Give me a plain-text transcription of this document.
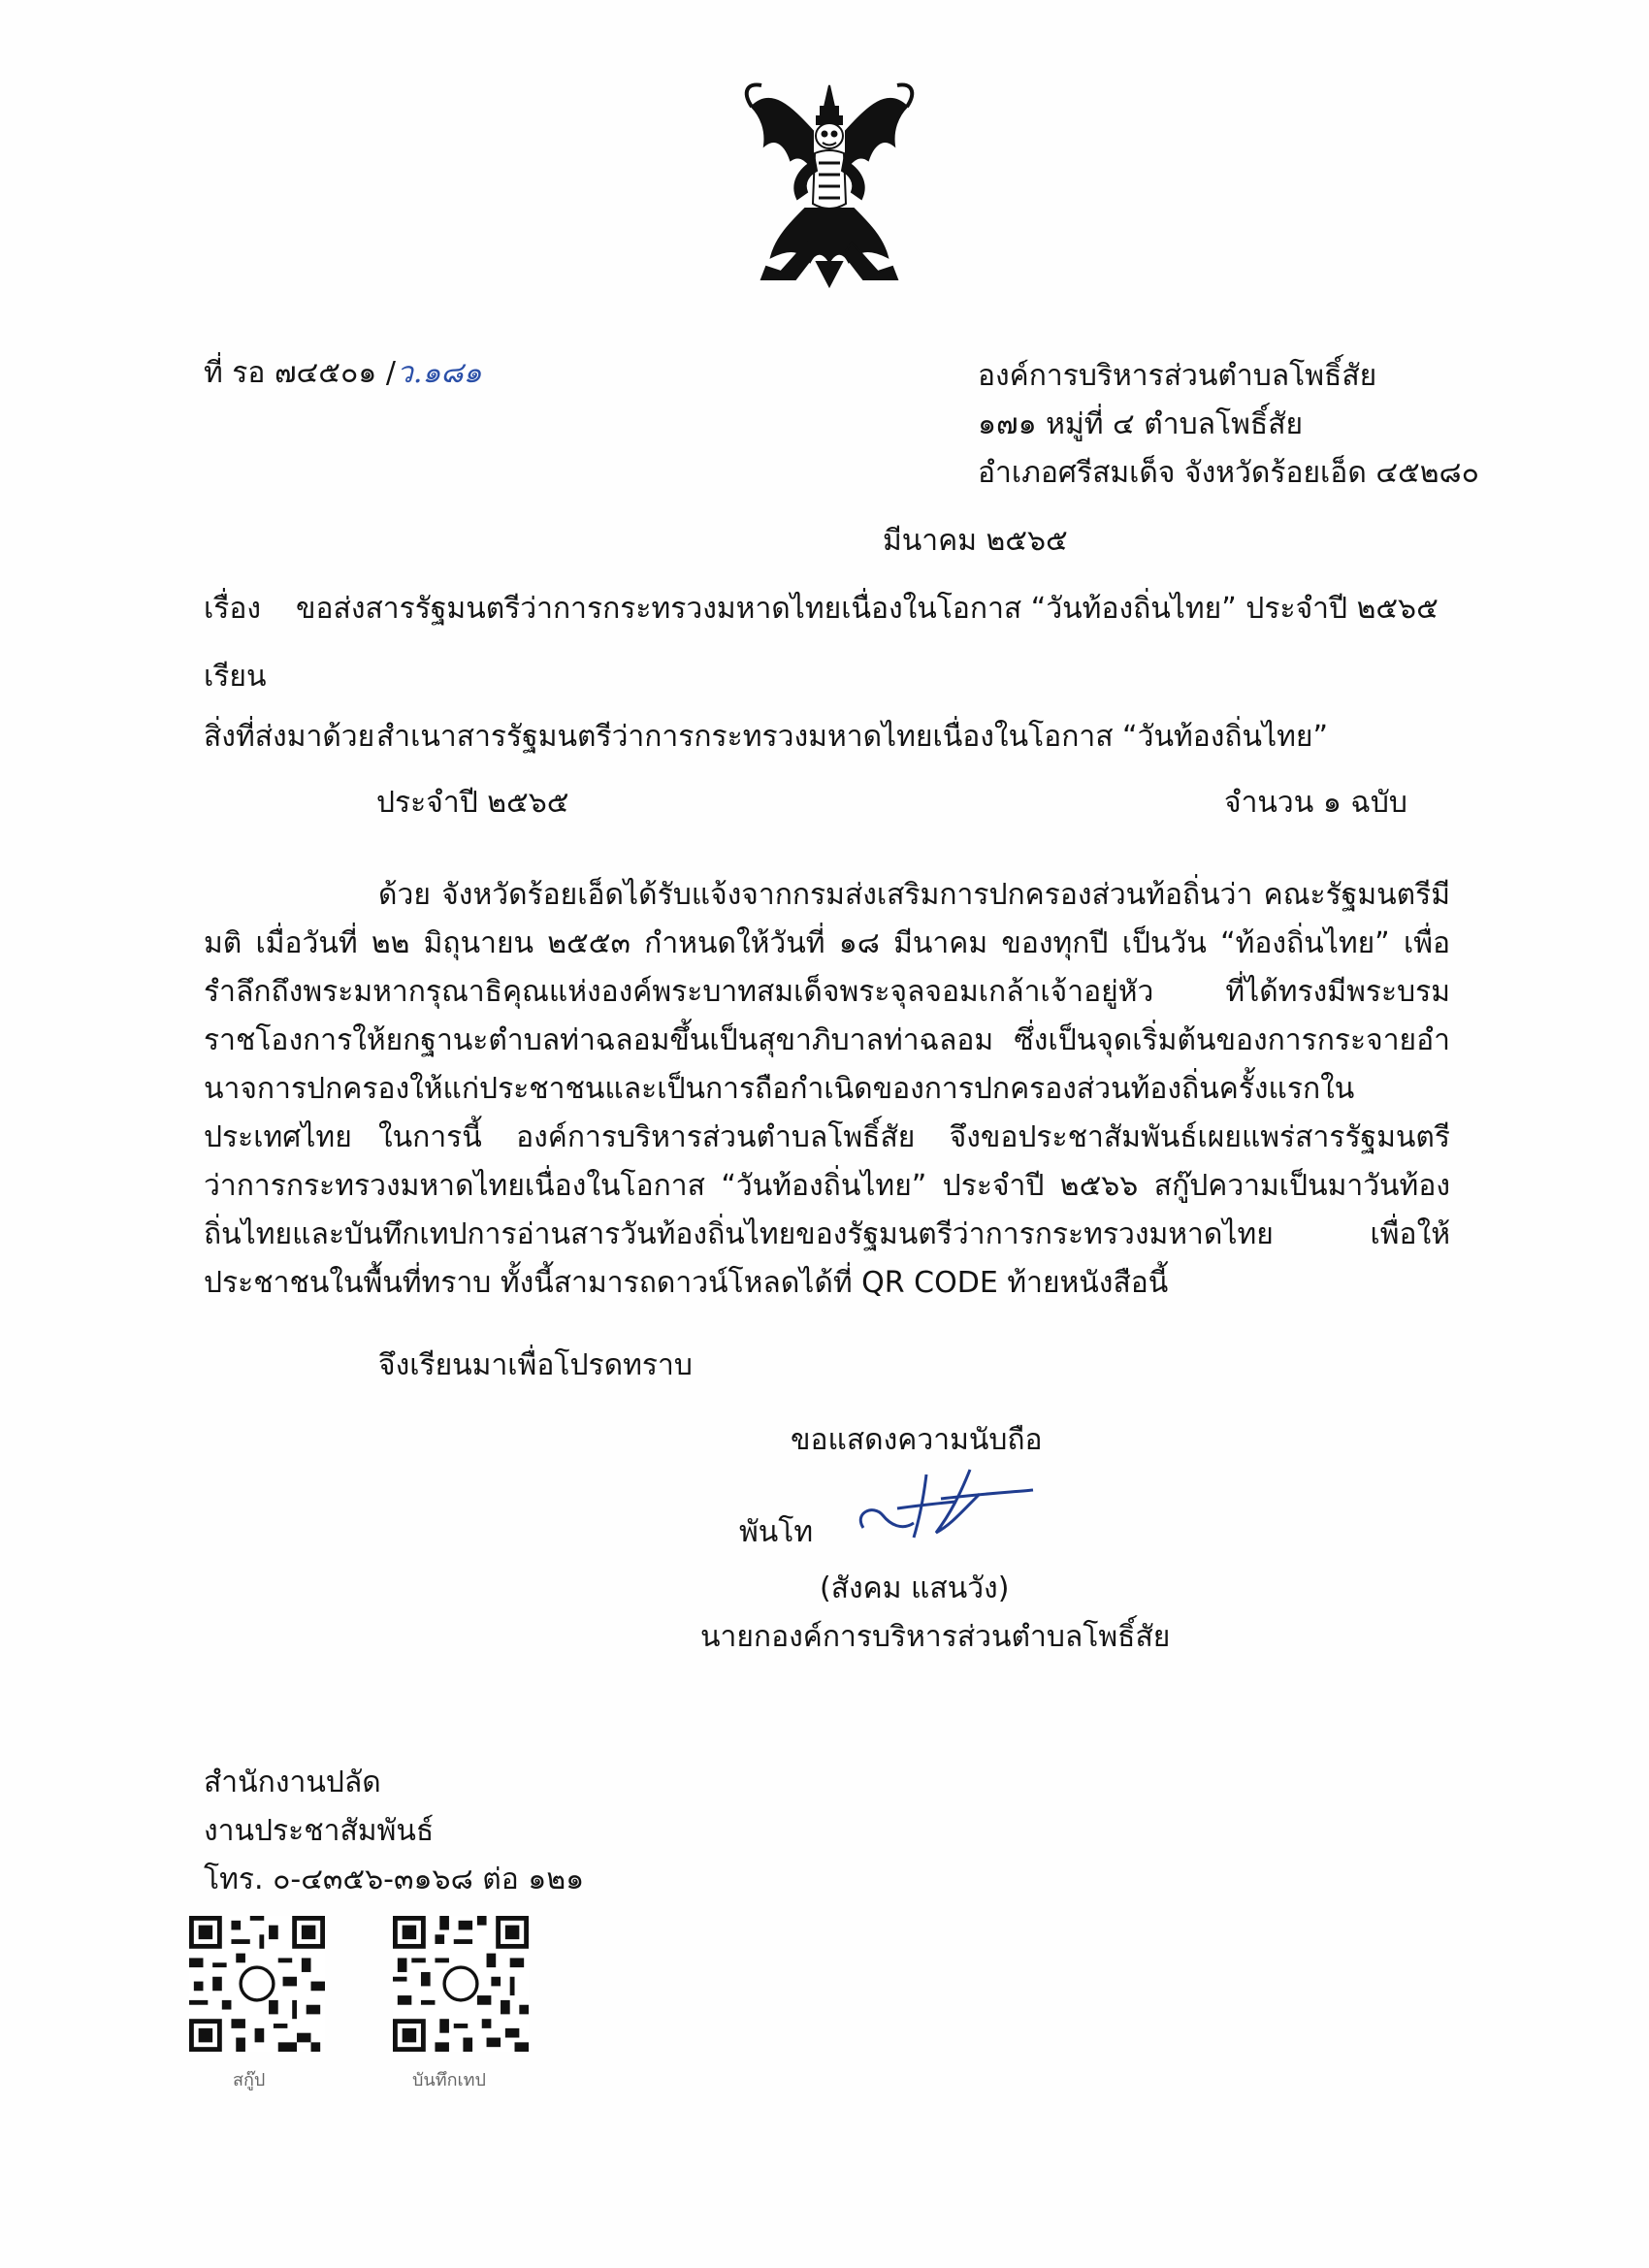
ที่ รอ ๗๔๕๐๑ / ว.๑๘๑	องค์การบริหารส่วนตำบลโพธิ์สัย
๑๗๑ หมู่ที่ ๔ ตำบลโพธิ์สัย
อำเภอศรีสมเด็จ จังหวัดร้อยเอ็ด ๔๕๒๘๐
มีนาคม ๒๕๖๕
เรื่อง ขอส่งสารรัฐมนตรีว่าการกระทรวงมหาดไทยเนื่องในโอกาส “วันท้องถิ่นไทย” ประจำปี ๒๕๖๕
เรียน
สิ่งที่ส่งมาด้วย สำเนาสารรัฐมนตรีว่าการกระทรวงมหาดไทยเนื่องในโอกาส “วันท้องถิ่นไทย”
ประจำปี ๒๕๖๕	จำนวน ๑ ฉบับ
ด้วย จังหวัดร้อยเอ็ดได้รับแจ้งจากกรมส่งเสริมการปกครองส่วนท้อถิ่นว่า คณะรัฐมนตรีมีมติ เมื่อวันที่ ๒๒ มิถุนายน ๒๕๕๓ กำหนดให้วันที่ ๑๘ มีนาคม ของทุกปี เป็นวัน “ท้องถิ่นไทย” เพื่อรำลึกถึงพระมหากรุณาธิคุณแห่งองค์พระบาทสมเด็จพระจุลจอมเกล้าเจ้าอยู่หัว ที่ได้ทรงมีพระบรมราชโองการให้ยกฐานะตำบลท่าฉลอมขึ้นเป็นสุขาภิบาลท่าฉลอม ซึ่งเป็นจุดเริ่มต้นของการกระจายอำนาจการปกครองให้แก่ประชาชนและเป็นการถือกำเนิดของการปกครองส่วนท้องถิ่นครั้งแรกในประเทศไทย ในการนี้ องค์การบริหารส่วนตำบลโพธิ์สัย จึงขอประชาสัมพันธ์เผยแพร่สารรัฐมนตรีว่าการกระทรวงมหาดไทยเนื่องในโอกาส “วันท้องถิ่นไทย” ประจำปี ๒๕๖๖ สกู๊ปความเป็นมาวันท้องถิ่นไทยและบันทึกเทปการอ่านสารวันท้องถิ่นไทยของรัฐมนตรีว่าการกระทรวงมหาดไทย เพื่อให้ประชาชนในพื้นที่ทราบ ทั้งนี้สามารถดาวน์โหลดได้ที่ QR CODE ท้ายหนังสือนี้
จึงเรียนมาเพื่อโปรดทราบ
ขอแสดงความนับถือ
พันโท
(สังคม แสนวัง)
นายกองค์การบริหารส่วนตำบลโพธิ์สัย
สำนักงานปลัด
งานประชาสัมพันธ์
โทร. ๐-๔๓๕๖-๓๑๖๘ ต่อ ๑๒๑
สกู๊ป	บันทึกเทป
